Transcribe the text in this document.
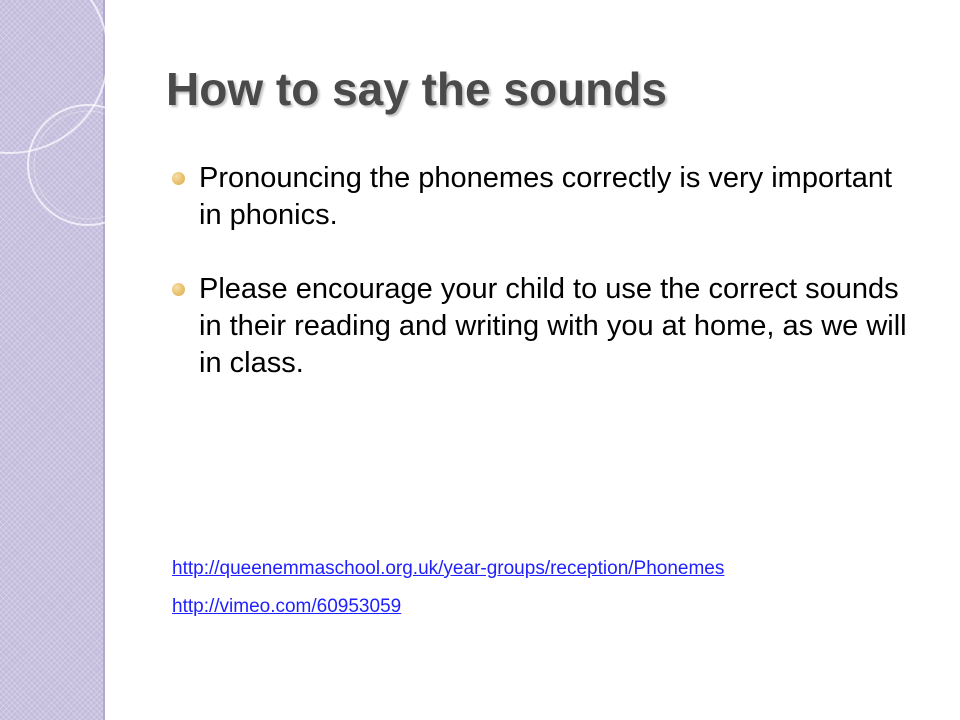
How to say the sounds
Pronouncing the phonemes correctly is very important in phonics.
Please encourage your child to use the correct sounds in their reading and writing with you at home, as we will in class.
http://queenemmaschool.org.uk/year-groups/reception/Phonemes
http://vimeo.com/60953059
